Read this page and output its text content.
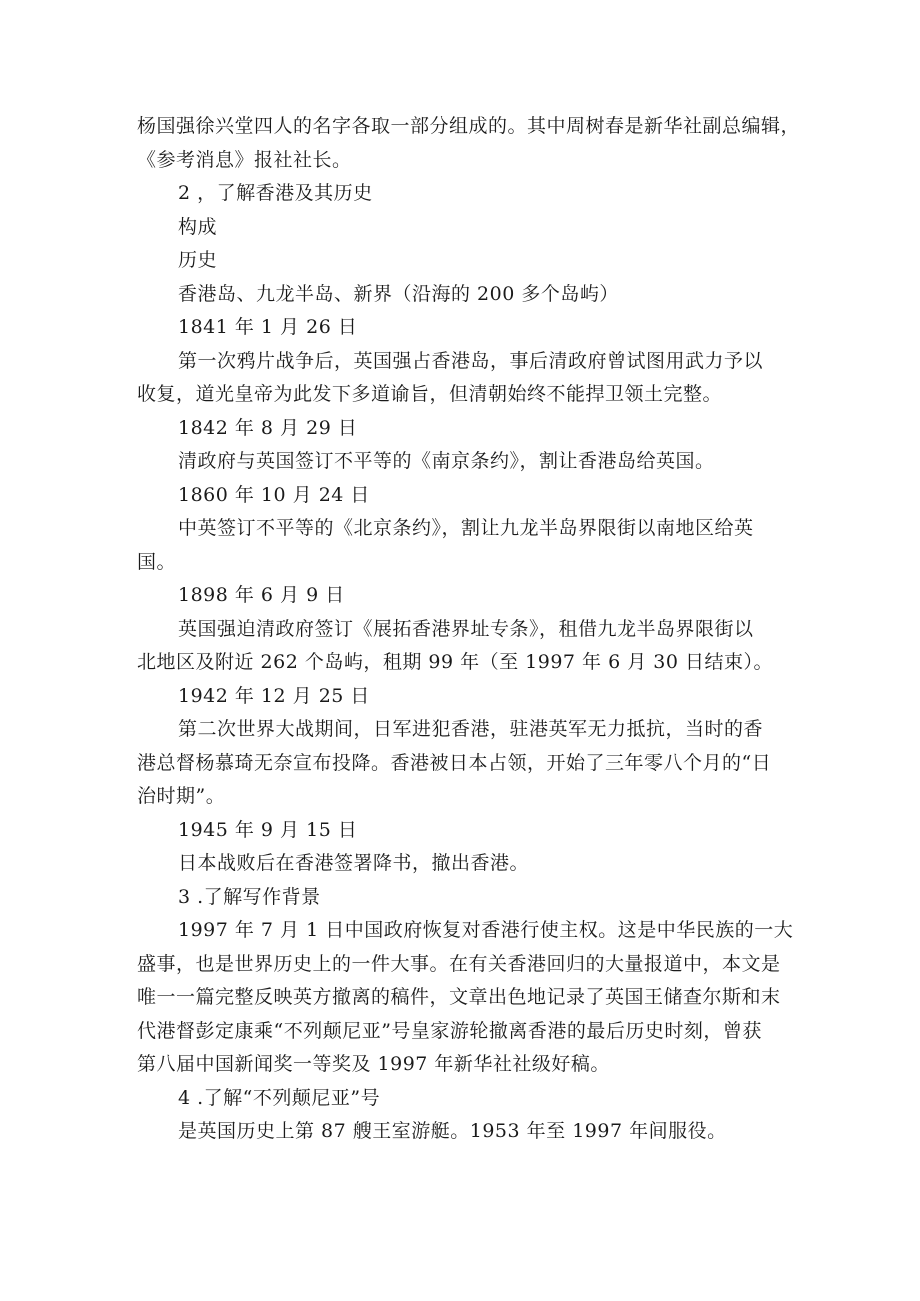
杨国强徐兴堂四人的名字各取一部分组成的。其中周树春是新华社副总编辑，

《参考消息》报社社长。

2 ，了解香港及其历史

构成

历史

香港岛、九龙半岛、新界（沿海的 200 多个岛屿）

1841 年 1 月 26 日

第一次鸦片战争后，英国强占香港岛，事后清政府曾试图用武力予以

收复，道光皇帝为此发下多道谕旨，但清朝始终不能捍卫领土完整。

1842 年 8 月 29 日

清政府与英国签订不平等的《南京条约》，割让香港岛给英国。

1860 年 10 月 24 日

中英签订不平等的《北京条约》，割让九龙半岛界限街以南地区给英

国。

1898 年 6 月 9 日

英国强迫清政府签订《展拓香港界址专条》，租借九龙半岛界限街以

北地区及附近 262 个岛屿，租期 99 年（至 1997 年 6 月 30 日结束）。

1942 年 12 月 25 日

第二次世界大战期间，日军进犯香港，驻港英军无力抵抗，当时的香

港总督杨慕琦无奈宣布投降。香港被日本占领，开始了三年零八个月的“日

治时期”。

1945 年 9 月 15 日

日本战败后在香港签署降书，撤出香港。

3 .了解写作背景

1997 年 7 月 1 日中国政府恢复对香港行使主权。这是中华民族的一大

盛事，也是世界历史上的一件大事。在有关香港回归的大量报道中，本文是

唯一一篇完整反映英方撤离的稿件，文章出色地记录了英国王储查尔斯和末

代港督彭定康乘“不列颠尼亚”号皇家游轮撤离香港的最后历史时刻，曾获

第八届中国新闻奖一等奖及 1997 年新华社社级好稿。

4 .了解“不列颠尼亚”号

是英国历史上第 87 艘王室游艇。1953 年至 1997 年间服役。
